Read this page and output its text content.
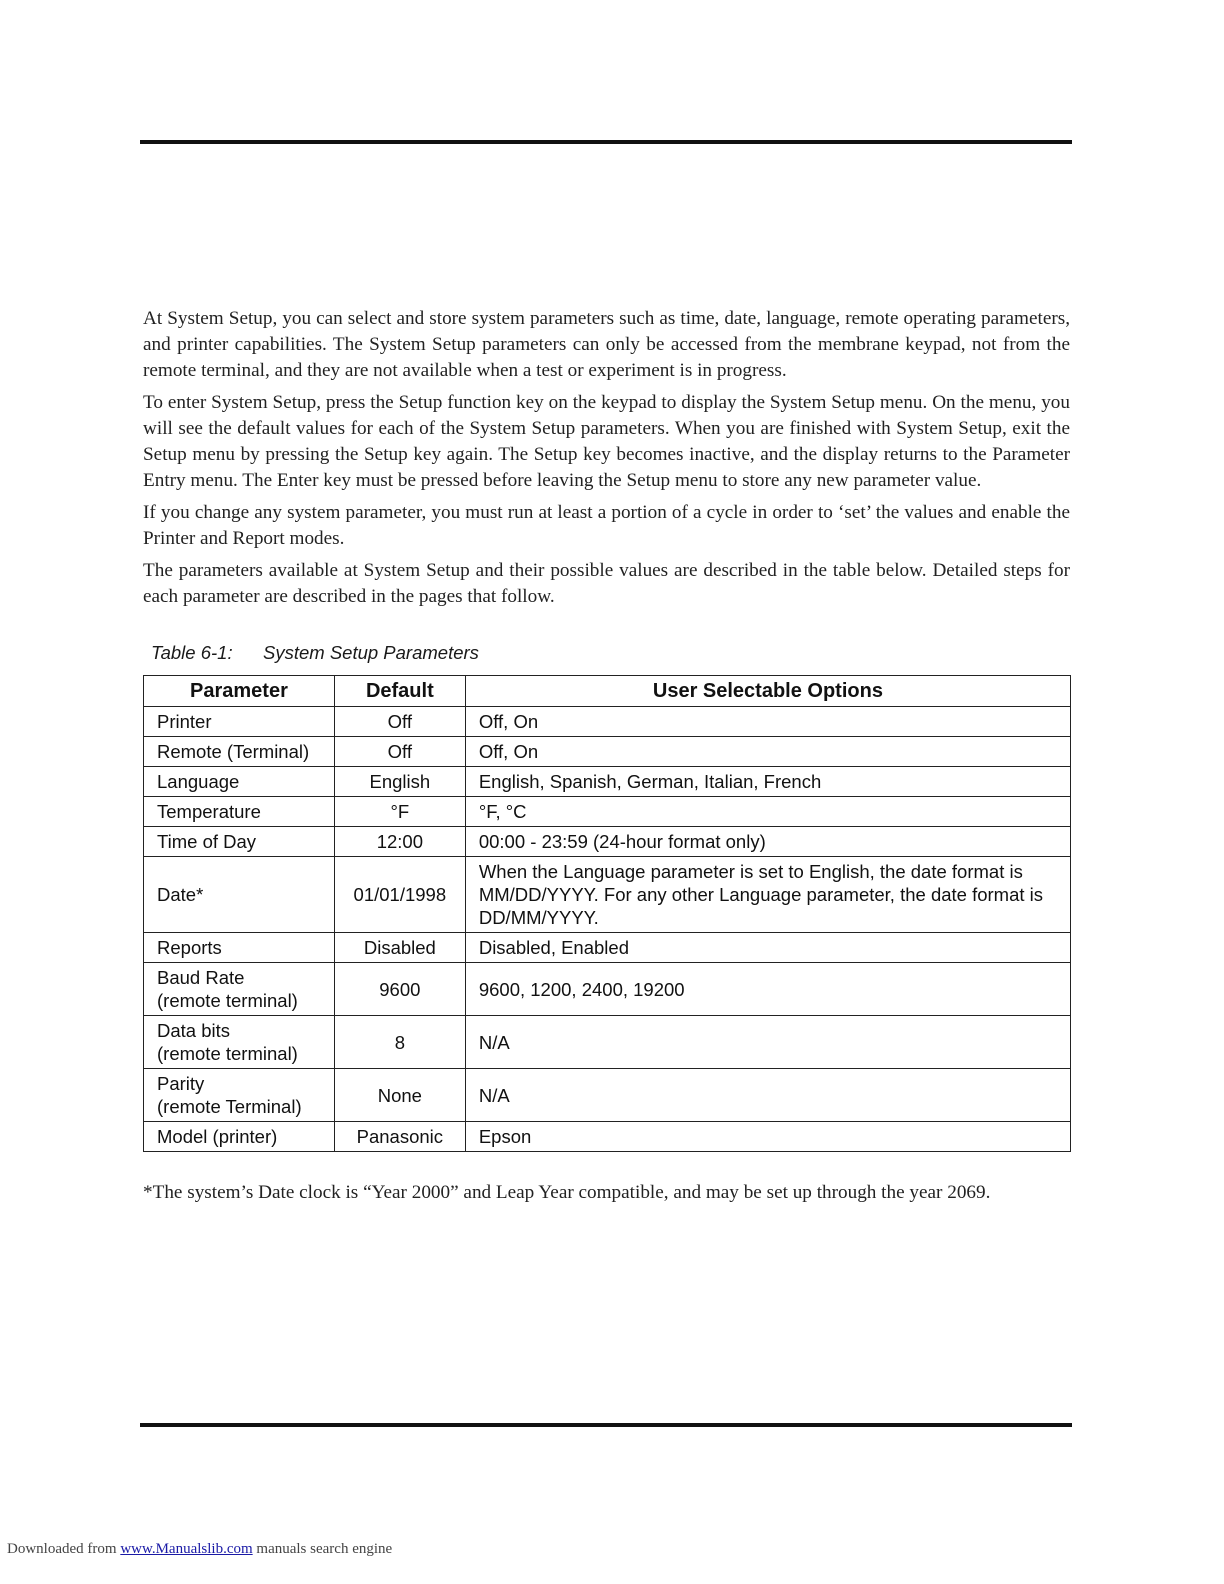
At System Setup, you can select and store system parameters such as time, date, language, remote operating parameters, and printer capabilities. The System Setup parameters can only be accessed from the membrane keypad, not from the remote terminal, and they are not available when a test or experiment is in progress.

To enter System Setup, press the Setup function key on the keypad to display the System Setup menu. On the menu, you will see the default values for each of the System Setup parameters. When you are finished with System Setup, exit the Setup menu by pressing the Setup key again. The Setup key becomes inactive, and the display returns to the Parameter Entry menu. The Enter key must be pressed before leaving the Setup menu to store any new parameter value.

If you change any system parameter, you must run at least a portion of a cycle in order to ‘set’ the values and enable the Printer and Report modes.

The parameters available at System Setup and their possible values are described in the table below. Detailed steps for each parameter are described in the pages that follow.

Table 6-1: System Setup Parameters
Parameter	Default	User Selectable Options
Printer	Off	Off, On
Remote (Terminal)	Off	Off, On
Language	English	English, Spanish, German, Italian, French
Temperature	°F	°F, °C
Time of Day	12:00	00:00 - 23:59 (24-hour format only)
Date*	01/01/1998	When the Language parameter is set to English, the date format is MM/DD/YYYY. For any other Language parameter, the date format is DD/MM/YYYY.
Reports	Disabled	Disabled, Enabled

Baud Rate
(remote terminal)	9600	9600, 1200, 2400, 19200

Data bits
(remote terminal)	8	N/A

Parity
(remote Terminal)	None	N/A
Model (printer)	Panasonic	Epson
*The system’s Date clock is “Year 2000” and Leap Year compatible, and may be set up through the year 2069.
Downloaded from www.Manualslib.com manuals search engine
